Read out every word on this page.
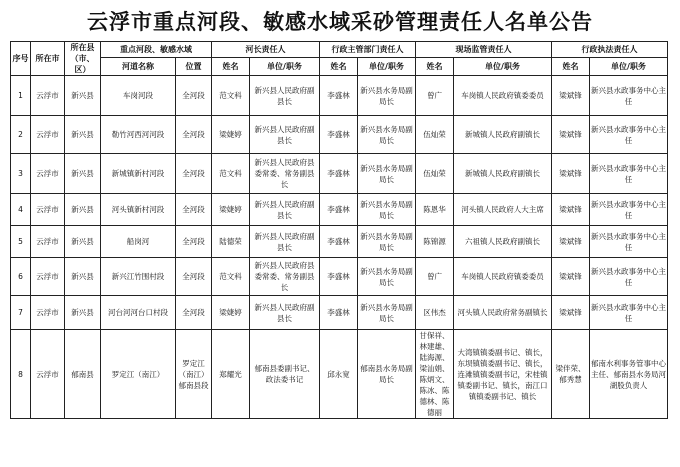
云浮市重点河段、敏感水域采砂管理责任人名单公告
序号	所在市	所在县（市、区）	重点河段、敏感水域		河长责任人		行政主管部门责任人		现场监管责任人		行政执法责任人	
			河道名称	位置	姓名	单位/职务	姓名	单位/职务	姓名	单位/职务	姓名	单位/职务
1	云浮市	新兴县	车岗河段	全河段	范文科	新兴县人民政府副县长	李盛林	新兴县水务局副局长	曾广	车岗镇人民政府镇委委员	梁斌锋	新兴县水政事务中心主任
2	云浮市	新兴县	勒竹河西河河段	全河段	梁婕婷	新兴县人民政府副县长	李盛林	新兴县水务局副局长	伍灿荣	新城镇人民政府副镇长	梁斌锋	新兴县水政事务中心主任
3	云浮市	新兴县	新城镇新村河段	全河段	范文科	新兴县人民政府县委常委、常务副县长	李盛林	新兴县水务局副局长	伍灿荣	新城镇人民政府副镇长	梁斌锋	新兴县水政事务中心主任
4	云浮市	新兴县	河头镇新村河段	全河段	梁婕婷	新兴县人民政府副县长	李盛林	新兴县水务局副局长	陈恩华	河头镇人民政府人大主席	梁斌锋	新兴县水政事务中心主任
5	云浮市	新兴县	船岗河	全河段	陆德荣	新兴县人民政府副县长	李盛林	新兴县水务局副局长	陈锦源	六祖镇人民政府副镇长	梁斌锋	新兴县水政事务中心主任
6	云浮市	新兴县	新兴江竹围村段	全河段	范文科	新兴县人民政府县委常委、常务副县长	李盛林	新兴县水务局副局长	曾广	车岗镇人民政府镇委委员	梁斌锋	新兴县水政事务中心主任
7	云浮市	新兴县	河台河河台口村段	全河段	梁婕婷	新兴县人民政府副县长	李盛林	新兴县水务局副局长	区伟杰	河头镇人民政府常务副镇长	梁斌锋	新兴县水政事务中心主任
8	云浮市	郁南县	罗定江（南江）	罗定江（南江）郁南县段	郑耀光	郁南县委副书记、政法委书记	邱永宽	郁南县水务局副局长	甘保祥、林建雄、陆海源、梁汕娟、陈炳文、陈冰、陈德林、陈德丽	大湾镇镇委副书记、镇长，东坝镇镇委副书记、镇长，连滩镇镇委副书记，宋桂镇镇委副书记、镇长，南江口镇镇委副书记、镇长	梁伴荣、郁秀慧	郁南水利事务管事中心主任、郁南县水务局河湖股负责人
